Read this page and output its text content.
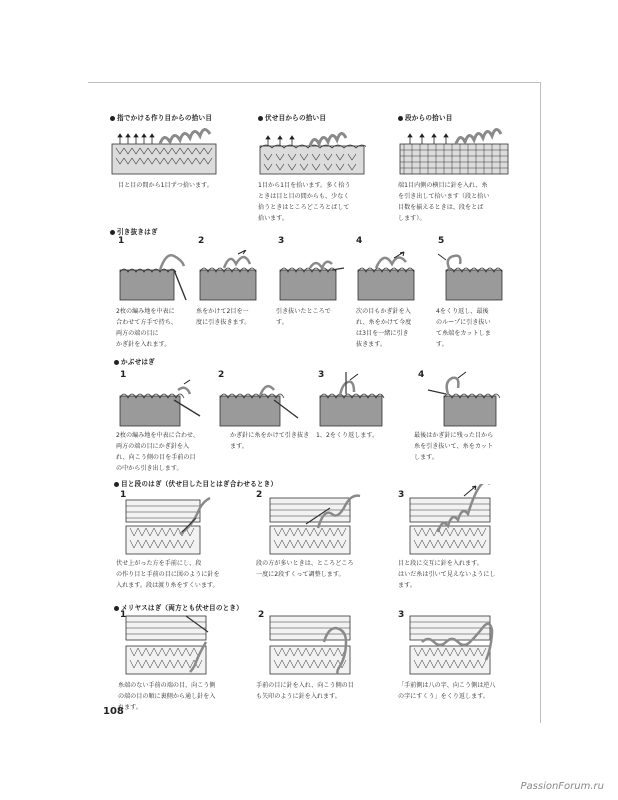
指でかける作り目からの拾い目
目と目の間から1目ずつ拾います。
伏せ目からの拾い目
1目から1目を拾います。多く拾う
ときは目と目の間からも、少なく
拾うときはところどころとばして
拾います。
段からの拾い目
端1目内側の横目に針を入れ、糸
を引き出して拾います（段と拾い
目数を揃えるときは、段をとば
します）。
引き抜きはぎ
1
2枚の編み地を中表に
合わせて方手で持ち、
両方の端の目に
かぎ針を入れます。
2
糸をかけて2目を一
度に引き抜きます。
3
引き抜いたところで
す。
4
次の目もかぎ針を入
れ、糸をかけて今度
は3目を一緒に引き
抜きます。
5
4をくり返し、最後
のループに引き抜い
て糸端をカットしま
す。
かぶせはぎ
1
2枚の編み地を中表に合わせ、
両方の端の目にかぎ針を入
れ、向こう側の目を手前の目
の中から引き出します。
2
かぎ針に糸をかけて引き抜き
ます。
3
1、2をくり返します。
4
最後はかぎ針に残った目から
糸を引き抜いて、糸をカット
します。
目と段のはぎ（伏せ目した目とはぎ合わせるとき）
1
伏せ上がった方を手前にし、段
の作り目と手前の目に図のように針を
入れます。段は渡り糸をすくいます。
2
段の方が多いときは、ところどころ
一度に2段すくって調整します。
3
目と段に交互に針を入れます。
はいだ糸は引いて見えないようにし
ます。
メリヤスはぎ（両方とも伏せ目のとき）
1
糸端のない手前の端の目、向こう側
の端の目の順に裏側から通し針を入
れます。
2
手前の目に針を入れ、向こう側の目
も矢印のように針を入れます。
3
「手前側は八の字、向こう側は逆八
の字にすくう」をくり返します。
108
PassionForum.ru
